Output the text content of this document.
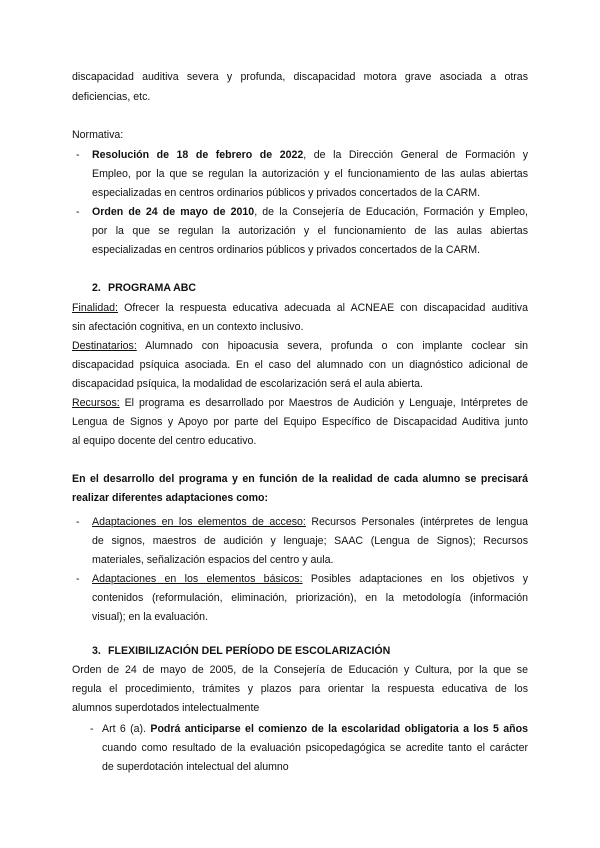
discapacidad auditiva severa y profunda, discapacidad motora grave asociada a otras
deficiencias, etc.
Normativa:
- Resolución de 18 de febrero de 2022, de la Dirección General de Formación y
Empleo, por la que se regulan la autorización y el funcionamiento de las aulas abiertas
especializadas en centros ordinarios públicos y privados concertados de la CARM.
- Orden de 24 de mayo de 2010, de la Consejería de Educación, Formación y Empleo,
por la que se regulan la autorización y el funcionamiento de las aulas abiertas
especializadas en centros ordinarios públicos y privados concertados de la CARM.
2. PROGRAMA ABC
Finalidad: Ofrecer la respuesta educativa adecuada al ACNEAE con discapacidad auditiva
sin afectación cognitiva, en un contexto inclusivo.
Destinatarios: Alumnado con hipoacusia severa, profunda o con implante coclear sin
discapacidad psíquica asociada. En el caso del alumnado con un diagnóstico adicional de
discapacidad psíquica, la modalidad de escolarización será el aula abierta.
Recursos: El programa es desarrollado por Maestros de Audición y Lenguaje, Intérpretes de
Lengua de Signos y Apoyo por parte del Equipo Específico de Discapacidad Auditiva junto
al equipo docente del centro educativo.
En el desarrollo del programa y en función de la realidad de cada alumno se precisará
realizar diferentes adaptaciones como:
- Adaptaciones en los elementos de acceso: Recursos Personales (intérpretes de lengua
de signos, maestros de audición y lenguaje; SAAC (Lengua de Signos); Recursos
materiales, señalización espacios del centro y aula.
- Adaptaciones en los elementos básicos: Posibles adaptaciones en los objetivos y
contenidos (reformulación, eliminación, priorización), en la metodología (información
visual); en la evaluación.
3. FLEXIBILIZACIÓN DEL PERÍODO DE ESCOLARIZACIÓN
Orden de 24 de mayo de 2005, de la Consejería de Educación y Cultura, por la que se
regula el procedimiento, trámites y plazos para orientar la respuesta educativa de los
alumnos superdotados intelectualmente
- Art 6 (a). Podrá anticiparse el comienzo de la escolaridad obligatoria a los 5 años
cuando como resultado de la evaluación psicopedagógica se acredite tanto el carácter
de superdotación intelectual del alumno
